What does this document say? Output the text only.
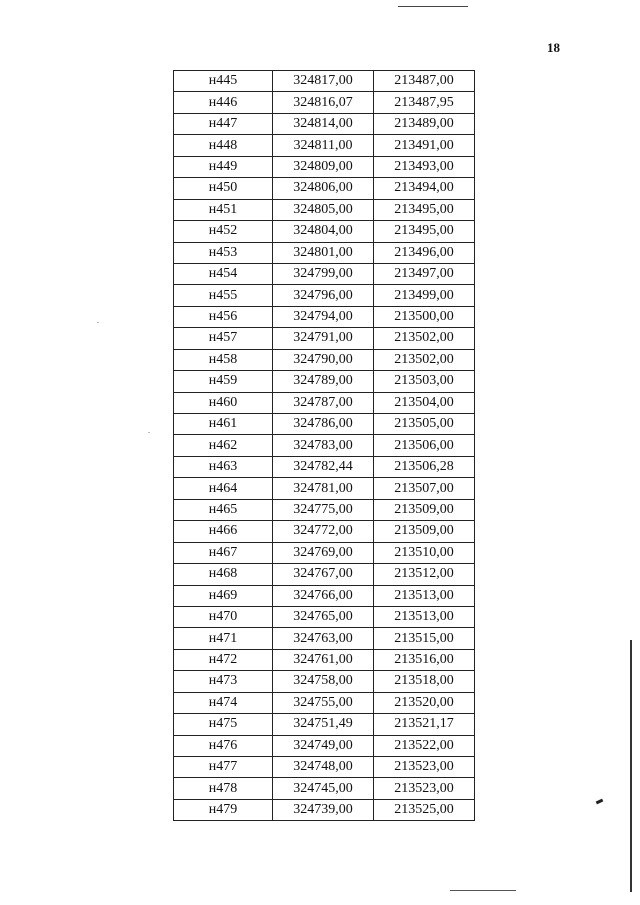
18
н445	324817,00	213487,00
н446	324816,07	213487,95
н447	324814,00	213489,00
н448	324811,00	213491,00
н449	324809,00	213493,00
н450	324806,00	213494,00
н451	324805,00	213495,00
н452	324804,00	213495,00
н453	324801,00	213496,00
н454	324799,00	213497,00
н455	324796,00	213499,00
н456	324794,00	213500,00
н457	324791,00	213502,00
н458	324790,00	213502,00
н459	324789,00	213503,00
н460	324787,00	213504,00
н461	324786,00	213505,00
н462	324783,00	213506,00
н463	324782,44	213506,28
н464	324781,00	213507,00
н465	324775,00	213509,00
н466	324772,00	213509,00
н467	324769,00	213510,00
н468	324767,00	213512,00
н469	324766,00	213513,00
н470	324765,00	213513,00
н471	324763,00	213515,00
н472	324761,00	213516,00
н473	324758,00	213518,00
н474	324755,00	213520,00
н475	324751,49	213521,17
н476	324749,00	213522,00
н477	324748,00	213523,00
н478	324745,00	213523,00
н479	324739,00	213525,00
